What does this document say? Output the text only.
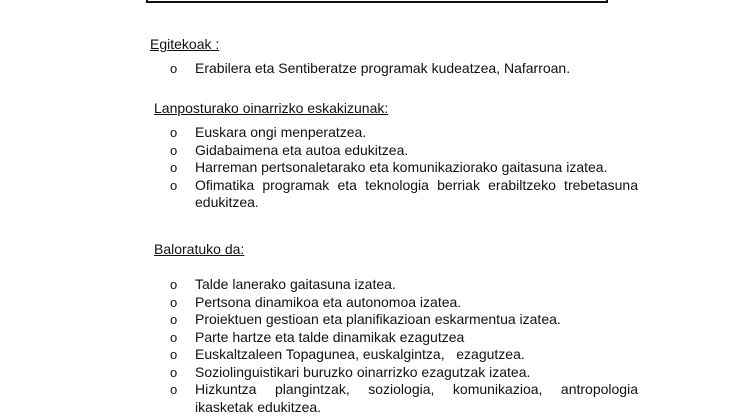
Egitekoak :
o Erabilera eta Sentiberatze programak kudeatzea, Nafarroan.
Lanposturako oinarrizko eskakizunak:
o Euskara ongi menperatzea.
o Gidabaimena eta autoa edukitzea.
o Harreman pertsonaletarako eta komunikaziorako gaitasuna izatea.
o Ofimatika programak eta teknologia berriak erabiltzeko trebetasuna
edukitzea.
Baloratuko da:
o Talde lanerako gaitasuna izatea.
o Pertsona dinamikoa eta autonomoa izatea.
o Proiektuen gestioan eta planifikazioan eskarmentua izatea.
o Parte hartze eta talde dinamikak ezagutzea
o Euskaltzaleen Topagunea, euskalgintza,   ezagutzea.
o Soziolinguistikari buruzko oinarrizko ezagutzak izatea.
o Hizkuntza plangintzak, soziologia, komunikazioa, antropologia
ikasketak edukitzea.
